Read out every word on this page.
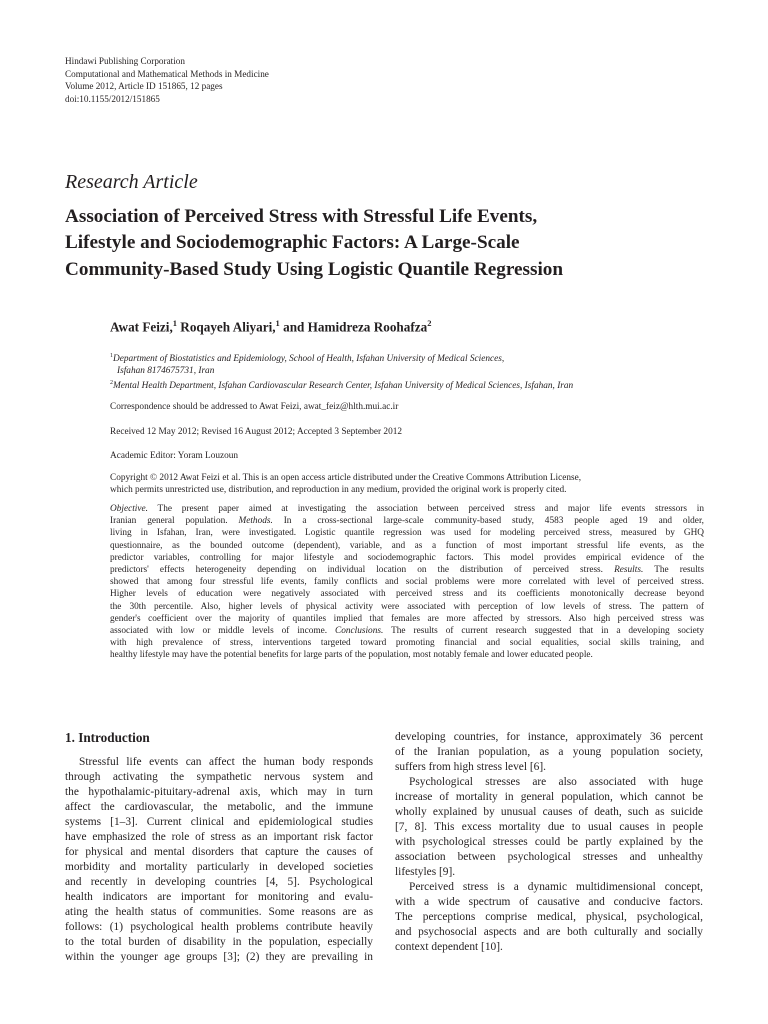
Hindawi Publishing Corporation
Computational and Mathematical Methods in Medicine
Volume 2012, Article ID 151865, 12 pages
doi:10.1155/2012/151865
Research Article
Association of Perceived Stress with Stressful Life Events,
Lifestyle and Sociodemographic Factors: A Large-Scale
Community-Based Study Using Logistic Quantile Regression
Awat Feizi,$^1$ Roqayeh Aliyari,$^1$ and Hamidreza Roohafza$^2$
$^1$Department of Biostatistics and Epidemiology, School of Health, Isfahan University of Medical Sciences,
Isfahan 8174675731, Iran
$^2$Mental Health Department, Isfahan Cardiovascular Research Center, Isfahan University of Medical Sciences, Isfahan, Iran
Correspondence should be addressed to Awat Feizi, awat_feiz@hlth.mui.ac.ir
Received 12 May 2012; Revised 16 August 2012; Accepted 3 September 2012
Academic Editor: Yoram Louzoun
Copyright © 2012 Awat Feizi et al. This is an open access article distributed under the Creative Commons Attribution License,
which permits unrestricted use, distribution, and reproduction in any medium, provided the original work is properly cited.
Objective. The present paper aimed at investigating the association between perceived stress and major life events stressors in
Iranian general population. Methods. In a cross-sectional large-scale community-based study, 4583 people aged 19 and older,
living in Isfahan, Iran, were investigated. Logistic quantile regression was used for modeling perceived stress, measured by GHQ
questionnaire, as the bounded outcome (dependent), variable, and as a function of most important stressful life events, as the
predictor variables, controlling for major lifestyle and sociodemographic factors. This model provides empirical evidence of the
predictors' effects heterogeneity depending on individual location on the distribution of perceived stress. Results. The results
showed that among four stressful life events, family conflicts and social problems were more correlated with level of perceived stress.
Higher levels of education were negatively associated with perceived stress and its coefficients monotonically decrease beyond
the 30th percentile. Also, higher levels of physical activity were associated with perception of low levels of stress. The pattern of
gender's coefficient over the majority of quantiles implied that females are more affected by stressors. Also high perceived stress was
associated with low or middle levels of income. Conclusions. The results of current research suggested that in a developing society
with high prevalence of stress, interventions targeted toward promoting financial and social equalities, social skills training, and
healthy lifestyle may have the potential benefits for large parts of the population, most notably female and lower educated people.
1. Introduction
Stressful life events can affect the human body responds
through activating the sympathetic nervous system and
the hypothalamic-pituitary-adrenal axis, which may in turn
affect the cardiovascular, the metabolic, and the immune
systems [1–3]. Current clinical and epidemiological studies
have emphasized the role of stress as an important risk factor
for physical and mental disorders that capture the causes of
morbidity and mortality particularly in developed societies
and recently in developing countries [4, 5]. Psychological
health indicators are important for monitoring and evalu-
ating the health status of communities. Some reasons are as
follows: (1) psychological health problems contribute heavily
to the total burden of disability in the population, especially
within the younger age groups [3]; (2) they are prevailing in
developing countries, for instance, approximately 36 percent
of the Iranian population, as a young population society,
suffers from high stress level [6].
Psychological stresses are also associated with huge
increase of mortality in general population, which cannot be
wholly explained by unusual causes of death, such as suicide
[7, 8]. This excess mortality due to usual causes in people
with psychological stresses could be partly explained by the
association between psychological stresses and unhealthy
lifestyles [9].
Perceived stress is a dynamic multidimensional concept,
with a wide spectrum of causative and conducive factors.
The perceptions comprise medical, physical, psychological,
and psychosocial aspects and are both culturally and socially
context dependent [10].
